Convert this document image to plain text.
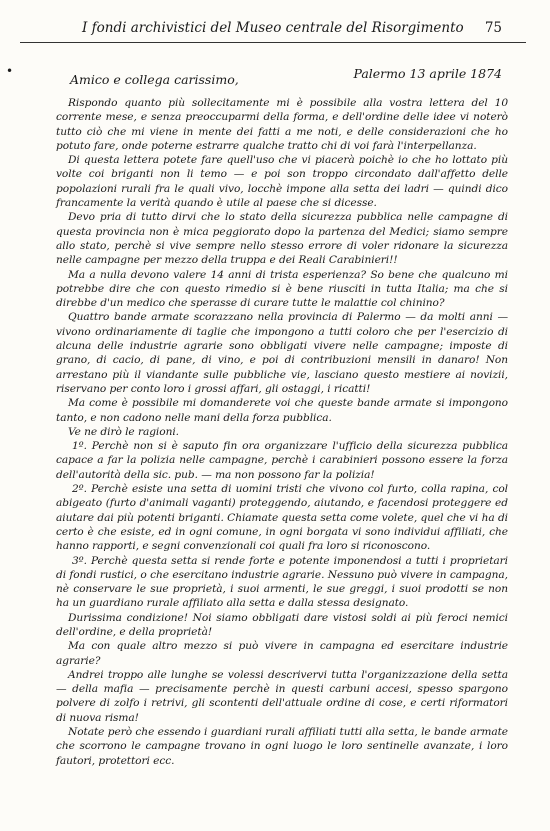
I fondi archivistici del Museo centrale del Risorgimento 75
•	Palermo 13 aprile 1874
Amico e collega carissimo,

Rispondo quanto più sollecitamente mi è possibile alla vostra lettera del 10 corrente mese, e senza preoccuparmi della forma, e dell'ordine delle idee vi noterò tutto ciò che mi viene in mente dei fatti a me noti, e delle considerazioni che ho potuto fare, onde poterne estrarre qualche tratto chi di voi farà l'interpellanza.

Di questa lettera potete fare quell'uso che vi piacerà poichè io che ho lottato più volte coi briganti non li temo — e poi son troppo circondato dall'affetto delle popolazioni rurali fra le quali vivo, locchè impone alla setta dei ladri — quindi dico francamente la verità quando è utile al paese che si dicesse.

Devo pria di tutto dirvi che lo stato della sicurezza pubblica nelle campagne di questa provincia non è mica peggiorato dopo la partenza del Medici; siamo sempre allo stato, perchè si vive sempre nello stesso errore di voler ridonare la sicurezza nelle campagne per mezzo della truppa e dei Reali Carabinieri!!

Ma a nulla devono valere 14 anni di trista esperienza? So bene che qualcuno mi potrebbe dire che con questo rimedio si è bene riusciti in tutta Italia; ma che si direbbe d'un medico che sperasse di curare tutte le malattie col chinino?

Quattro bande armate scorazzano nella provincia di Palermo — da molti anni — vivono ordinariamente di taglie che impongono a tutti coloro che per l'esercizio di alcuna delle industrie agrarie sono obbligati vivere nelle campagne; imposte di grano, di cacio, di pane, di vino, e poi di contribuzioni mensili in danaro! Non arrestano più il viandante sulle pubbliche vie, lasciano questo mestiere ai novizii, riservano per conto loro i grossi affari, gli ostaggi, i ricatti!

Ma come è possibile mi domanderete voi che queste bande armate si impongono tanto, e non cadono nelle mani della forza pubblica.

Ve ne dirò le ragioni.

1º. Perchè non si è saputo fin ora organizzare l'ufficio della sicurezza pubblica capace a far la polizia nelle campagne, perchè i carabinieri possono essere la forza dell'autorità della sic. pub. — ma non possono far la polizia!

2º. Perchè esiste una setta di uomini tristi che vivono col furto, colla rapina, col abigeato (furto d'animali vaganti) proteggendo, aiutando, e facendosi proteggere ed aiutare dai più potenti briganti. Chiamate questa setta come volete, quel che vi ha di certo è che esiste, ed in ogni comune, in ogni borgata vi sono individui affiliati, che hanno rapporti, e segni convenzionali coi quali fra loro si riconoscono.

3º. Perchè questa setta si rende forte e potente imponendosi a tutti i proprietari di fondi rustici, o che esercitano industrie agrarie. Nessuno può vivere in campagna, nè conservare le sue proprietà, i suoi armenti, le sue greggi, i suoi prodotti se non ha un guardiano rurale affiliato alla setta e dalla stessa designato.

Durissima condizione! Noi siamo obbligati dare vistosi soldi ai più feroci nemici dell'ordine, e della proprietà!

Ma con quale altro mezzo si può vivere in campagna ed esercitare industrie agrarie?

Andrei troppo alle lunghe se volessi descrivervi tutta l'organizzazione della setta — della mafia — precisamente perchè in questi carbuni accesi, spesso spargono polvere di zolfo i retrivi, gli scontenti dell'attuale ordine di cose, e certi riformatori di nuova risma!

Notate però che essendo i guardiani rurali affiliati tutti alla setta, le bande armate che scorrono le campagne trovano in ogni luogo le loro sentinelle avanzate, i loro fautori, protettori ecc.
